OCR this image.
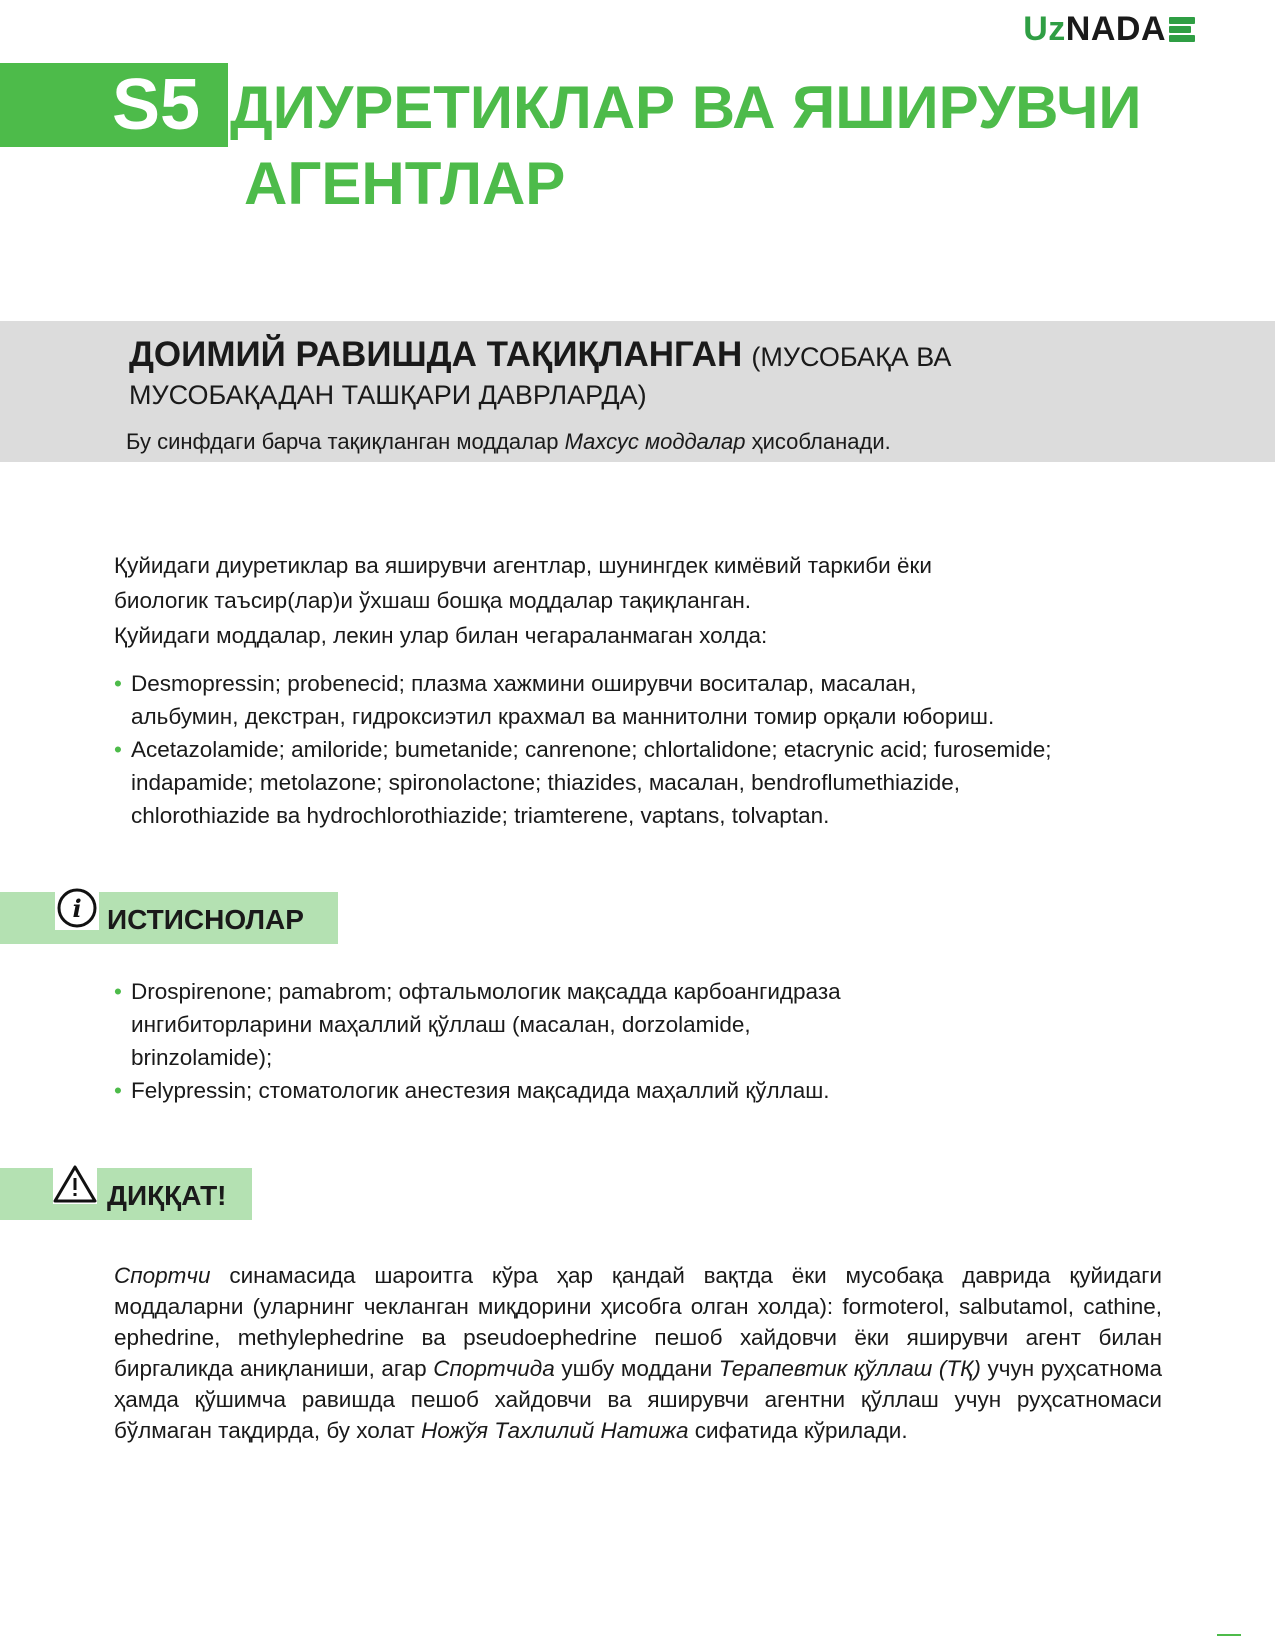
Uz NADA
S5 ДИУРЕТИКЛАР ВА ЯШИРУВЧИ
АГЕНТЛАР
ДОИМИЙ РАВИШДА ТАҚИҚЛАНГАН (МУСОБАҚА ВА
МУСОБАҚАДАН ТАШҚАРИ ДАВРЛАРДА)
Бу синфдаги барча тақиқланган моддалар Махсус моддалар ҳисобланади.

Қуйидаги диуретиклар ва яширувчи агентлар, шунингдек кимёвий таркиби ёки

биологик таъсир(лар)и ўхшаш бошқа моддалар тақиқланган.

Қуйидаги моддалар, лекин улар билан чегараланмаган холда:

• Desmopressin; probenecid; плазма хажмини оширувчи воситалар, масалан,
альбумин, декстран, гидроксиэтил крахмал ва маннитолни томир орқали юбориш.
• Acetazolamide; amiloride; bumetanide; canrenone; chlortalidone; etacrynic acid; furosemide;
indapamide; metolazone; spironolactone; thiazides, масалан, bendroflumethiazide,
chlorothiazide ва hydrochlorothiazide; triamterene, vaptans, tolvaptan.
i ИСТИСНОЛАР
• Drospirenone; pamabrom; офтальмологик мақсадда карбоангидраза
ингибиторларини маҳаллий қўллаш (масалан, dorzolamide,
brinzolamide);
• Felypressin; стоматологик анестезия мақсадида маҳаллий қўллаш.
ДИҚҚАТ!

Спортчи синамасида шароитга кўра ҳар қандай вақтда ёки мусобақа даврида қуйидаги моддаларни (уларнинг чекланган миқдорини ҳисобга олган холда): formoterol, salbutamol, cathine, ephedrine, methylephedrine ва pseudoephedrine пешоб хайдовчи ёки яширувчи агент билан биргаликда аниқланиши, агар Спортчида ушбу моддани Терапевтик қўллаш (ТҚ) учун руҳсатнома ҳамда қўшимча равишда пешоб хайдовчи ва яширувчи агентни қўллаш учун руҳсатномаси бўлмаган тақдирда, бу холат Ножўя Тахлилий Натижа сифатида кўрилади.
